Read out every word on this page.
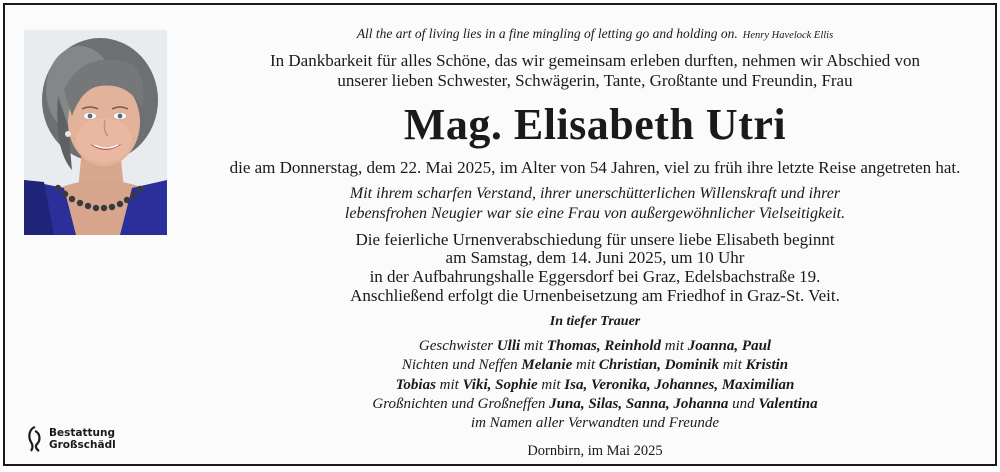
All the art of living lies in a fine mingling of letting go and holding on. Henry Havelock Ellis
In Dankbarkeit für alles Schöne, das wir gemeinsam erleben durften, nehmen wir Abschied von
unserer lieben Schwester, Schwägerin, Tante, Großtante und Freundin, Frau
Mag. Elisabeth Utri
die am Donnerstag, dem 22. Mai 2025, im Alter von 54 Jahren, viel zu früh ihre letzte Reise angetreten hat.
Mit ihrem scharfen Verstand, ihrer unerschütterlichen Willenskraft und ihrer
lebensfrohen Neugier war sie eine Frau von außergewöhnlicher Vielseitigkeit.
Die feierliche Urnenverabschiedung für unsere liebe Elisabeth beginnt
am Samstag, dem 14. Juni 2025, um 10 Uhr
in der Aufbahrungshalle Eggersdorf bei Graz, Edelsbachstraße 19.
Anschließend erfolgt die Urnenbeisetzung am Friedhof in Graz-St. Veit.
In tiefer Trauer
Geschwister Ulli mit Thomas, Reinhold mit Joanna, Paul
Nichten und Neffen Melanie mit Christian, Dominik mit Kristin
Tobias mit Viki, Sophie mit Isa, Veronika, Johannes, Maximilian
Großnichten und Großneffen Juna, Silas, Sanna, Johanna und Valentina
im Namen aller Verwandten und Freunde
Dornbirn, im Mai 2025
Bestattung
Großschädl
